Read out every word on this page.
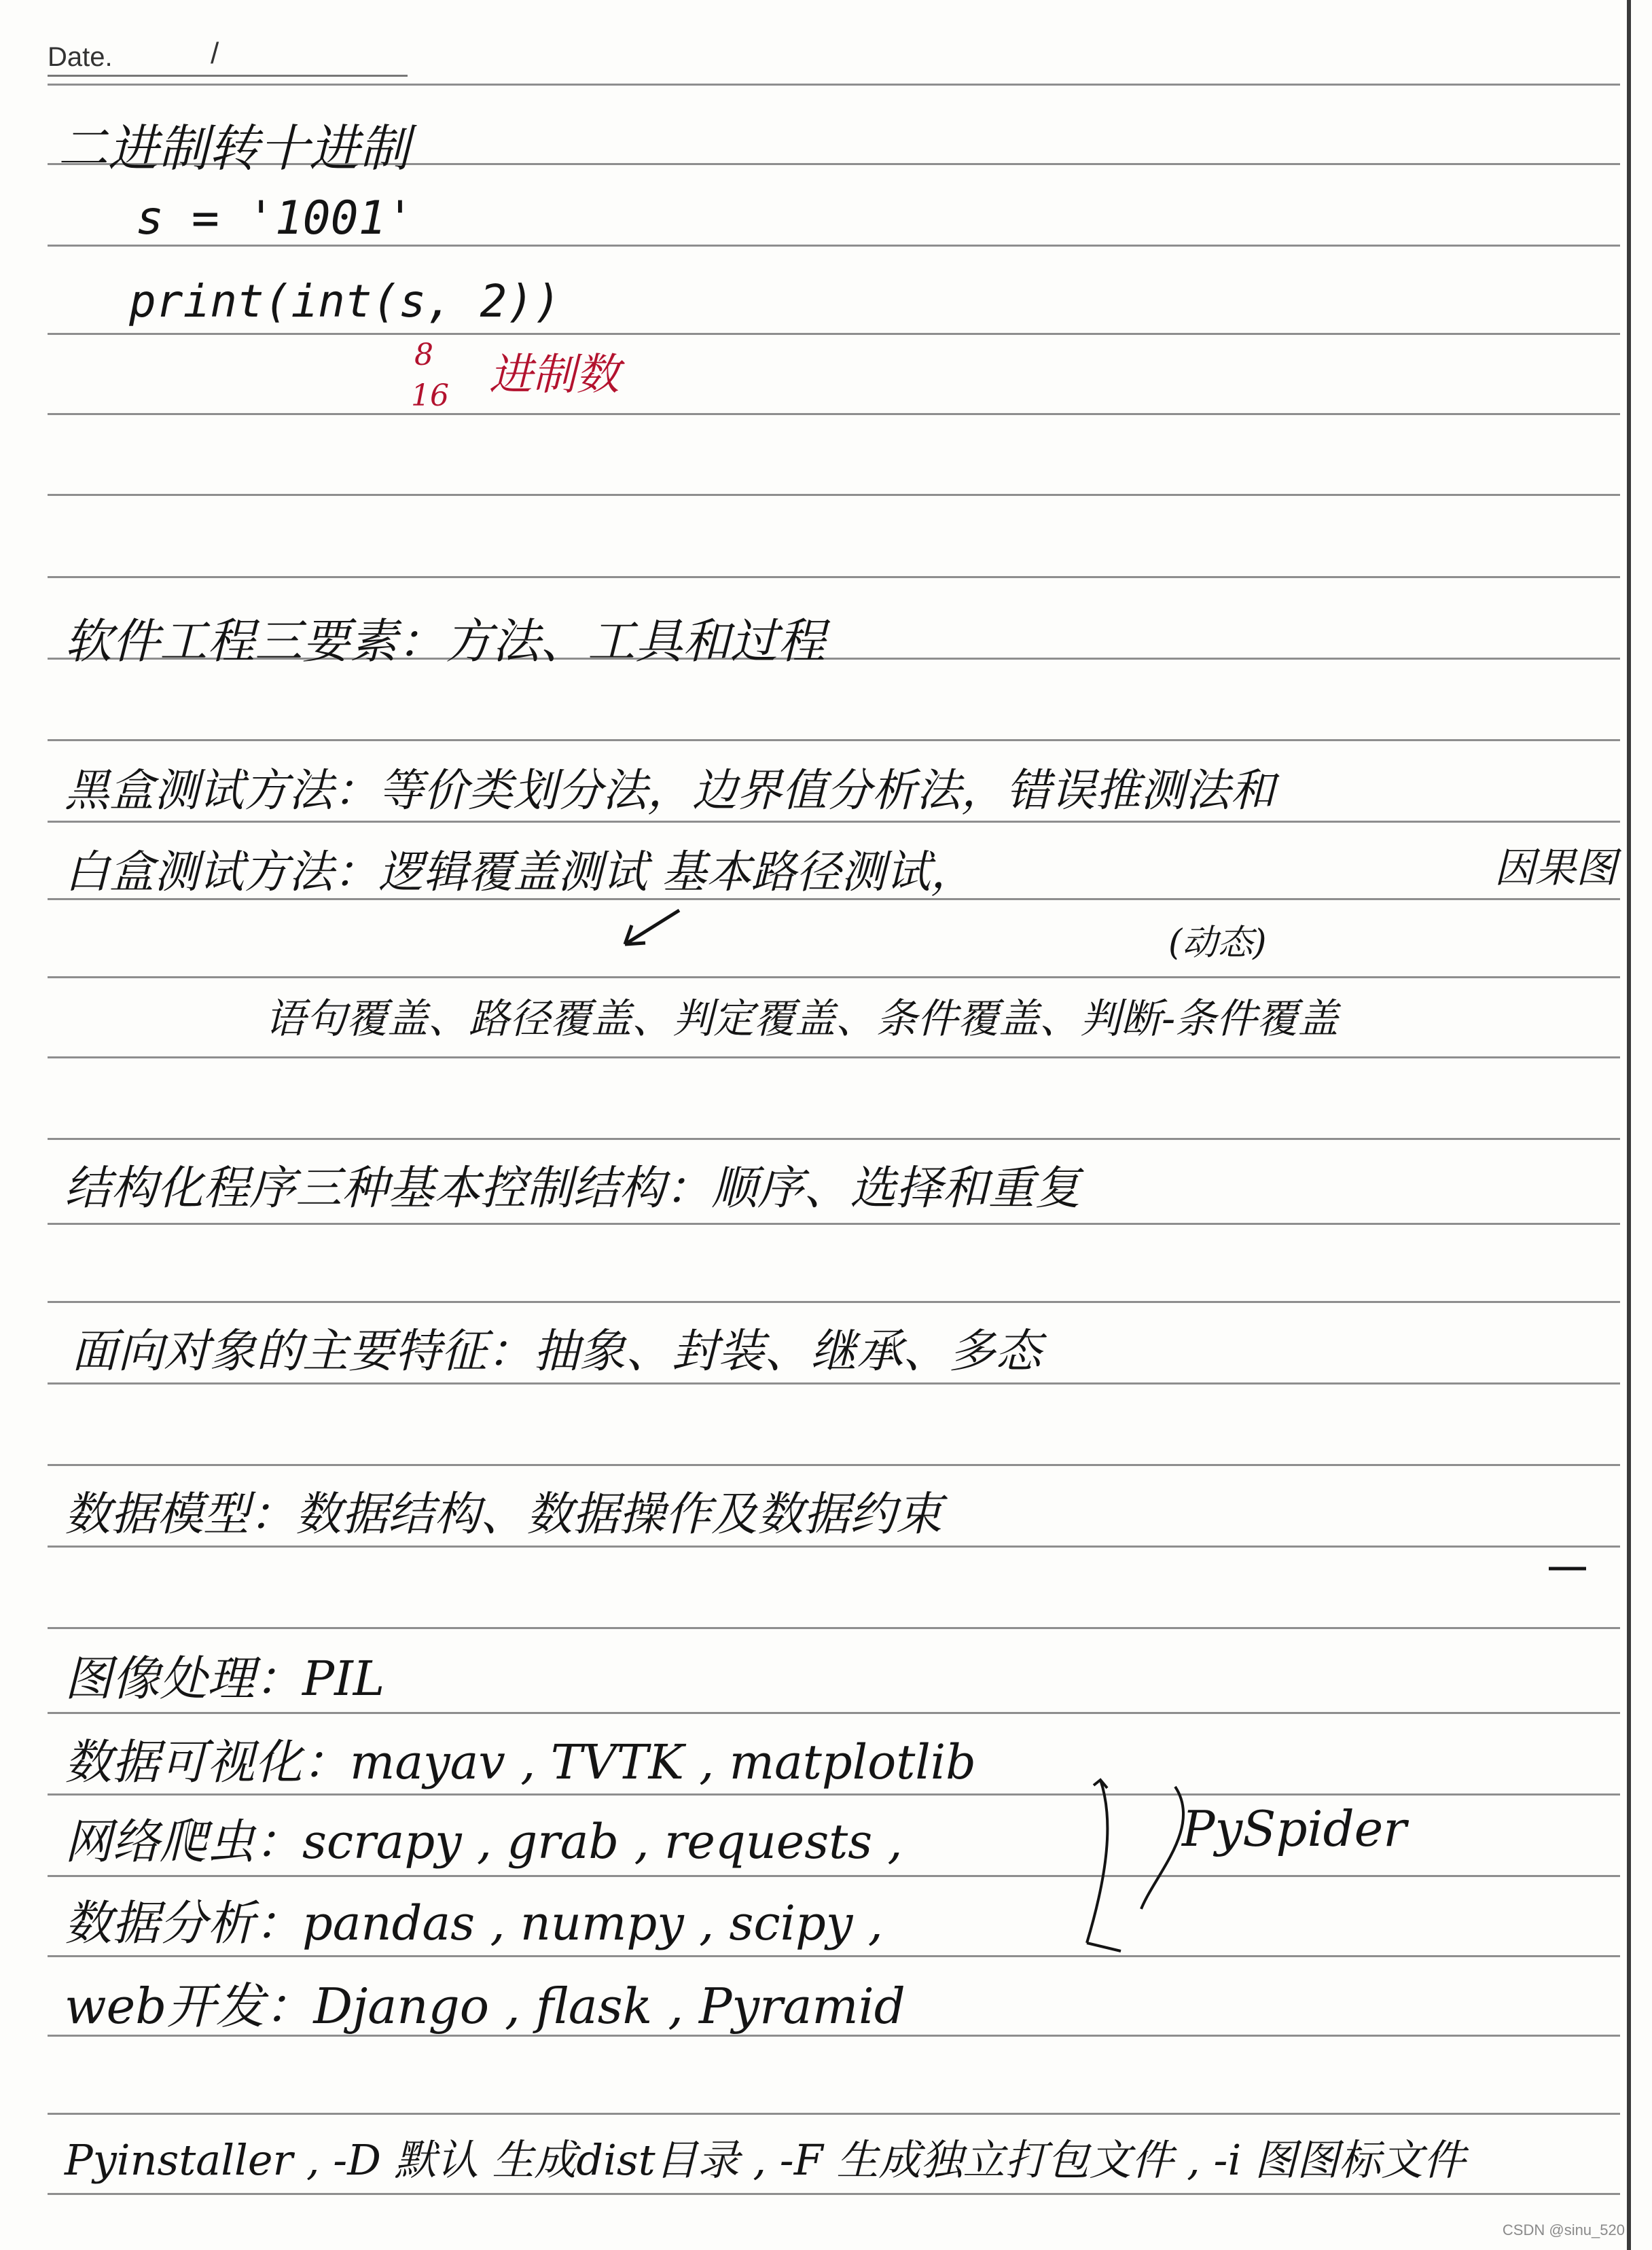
Date.	/
二进制转十进制
s = '1001'
print(int(s, 2))
8
16 进制数
软件工程三要素：方法、工具和过程
黑盒测试方法：等价类划分法，边界值分析法，错误推测法和
白盒测试方法：逻辑覆盖测试 基本路径测试，	因果图
(动态)
语句覆盖、路径覆盖、判定覆盖、条件覆盖、判断-条件覆盖
结构化程序三种基本控制结构：顺序、选择和重复
面向对象的主要特征：抽象、封装、继承、多态
数据模型：数据结构、数据操作及数据约束
图像处理：PIL
数据可视化：mayav , TVTK , matplotlib
网络爬虫：scrapy , grab , requests ,	PySpider
数据分析：pandas , numpy , scipy ,
web开发：Django , flask , Pyramid
Pyinstaller , -D 默认 生成dist目录 , -F 生成独立打包文件 , -i 图图标文件
CSDN @sinu_520
